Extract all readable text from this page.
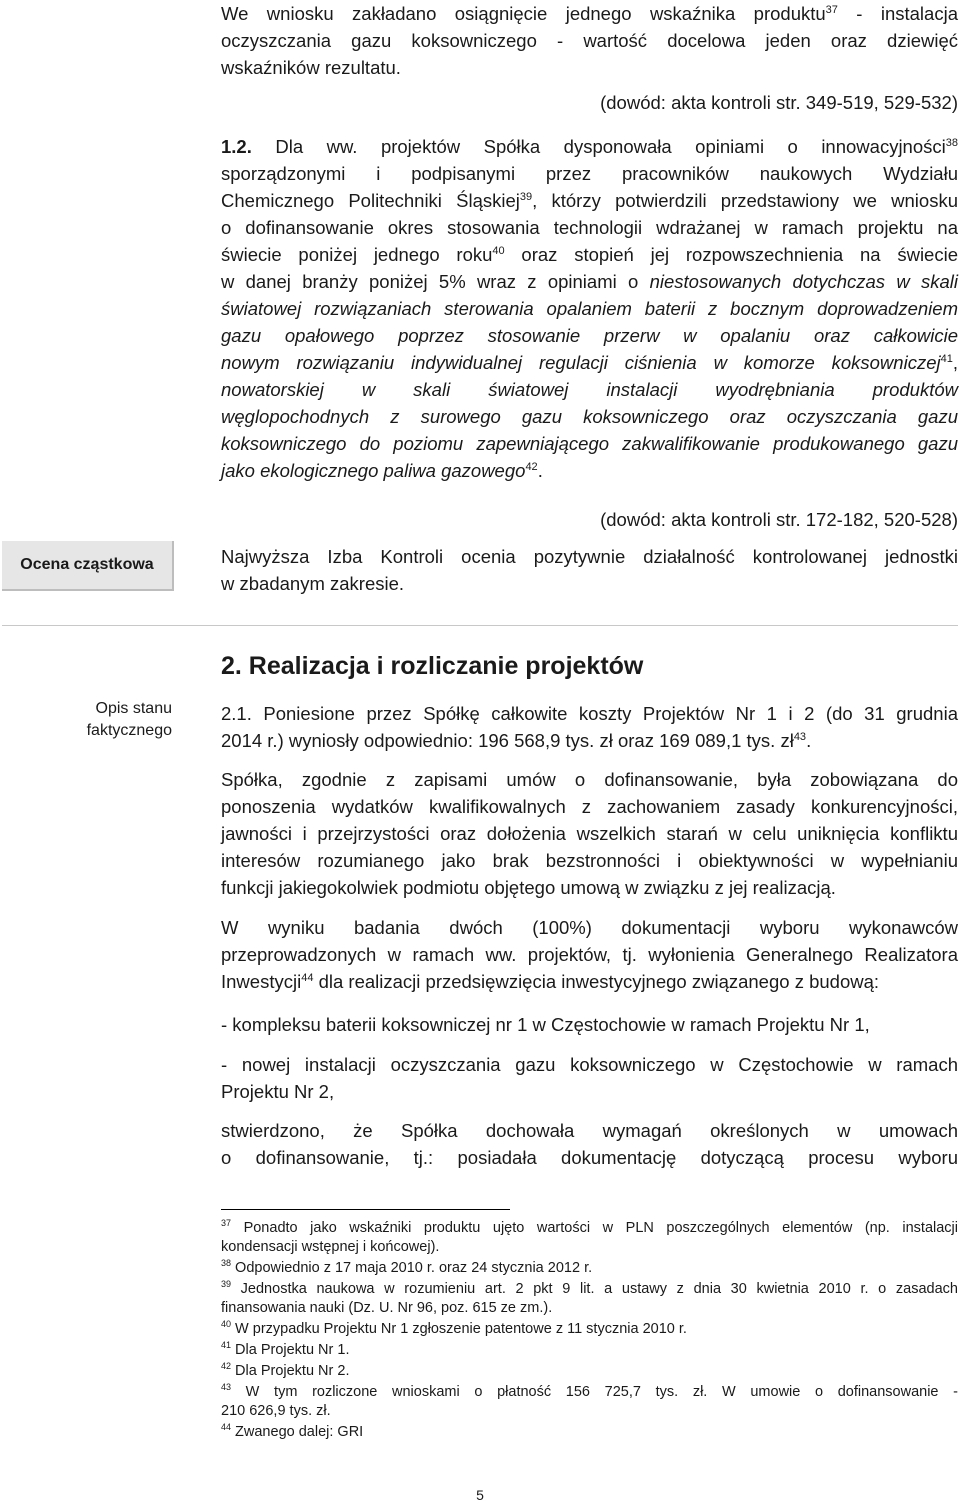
We wniosku zakładano osiągnięcie jednego wskaźnika produktu$^{37}$ - instalacja
oczyszczania gazu koksowniczego - wartość docelowa jeden oraz dziewięć
wskaźników rezultatu.
(dowód: akta kontroli str. 349-519, 529-532)
1.2. Dla ww. projektów Spółka dysponowała opiniami o innowacyjności$^{38}$
sporządzonymi i podpisanymi przez pracowników naukowych Wydziału
Chemicznego Politechniki Śląskiej$^{39}$, którzy potwierdzili przedstawiony we wniosku
o dofinansowanie okres stosowania technologii wdrażanej w ramach projektu na
świecie poniżej jednego roku$^{40}$ oraz stopień jej rozpowszechnienia na świecie
w danej branży poniżej 5% wraz z opiniami o niestosowanych dotychczas w skali
światowej rozwiązaniach sterowania opalaniem baterii z bocznym doprowadzeniem
gazu opałowego poprzez stosowanie przerw w opalaniu oraz całkowicie
nowym rozwiązaniu indywidualnej regulacji ciśnienia w komorze koksowniczej$^{41}$,
nowatorskiej w skali światowej instalacji wyodrębniania produktów
węglopochodnych z surowego gazu koksowniczego oraz oczyszczania gazu
koksowniczego do poziomu zapewniającego zakwalifikowanie produkowanego gazu
jako ekologicznego paliwa gazowego$^{42}$.
(dowód: akta kontroli str. 172-182, 520-528)
Ocena cząstkowa	Najwyższa Izba Kontroli ocenia pozytywnie działalność kontrolowanej jednostki
w zbadanym zakresie.
Opis stanu
faktycznego
2. Realizacja i rozliczanie projektów
2.1. Poniesione przez Spółkę całkowite koszty Projektów Nr 1 i 2 (do 31 grudnia
2014 r.) wyniosły odpowiednio: 196 568,9 tys. zł oraz 169 089,1 tys. $zł^{43}$.
Spółka, zgodnie z zapisami umów o dofinansowanie, była zobowiązana do
ponoszenia wydatków kwalifikowalnych z zachowaniem zasady konkurencyjności,
jawności i przejrzystości oraz dołożenia wszelkich starań w celu uniknięcia konfliktu
interesów rozumianego jako brak bezstronności i obiektywności w wypełnianiu
funkcji jakiegokolwiek podmiotu objętego umową w związku z jej realizacją.
W wyniku badania dwóch (100%) dokumentacji wyboru wykonawców
przeprowadzonych w ramach ww. projektów, tj. wyłonienia Generalnego Realizatora
Inwestycji$^{44}$ dla realizacji przedsięwzięcia inwestycyjnego związanego z budową:
- kompleksu baterii koksowniczej nr 1 w Częstochowie w ramach Projektu Nr 1,
- nowej instalacji oczyszczania gazu koksowniczego w Częstochowie w ramach
Projektu Nr 2,
stwierdzono, że Spółka dochowała wymagań określonych w umowach
o dofinansowanie, tj.: posiadała dokumentację dotyczącą procesu wyboru
$^{37}$ Ponadto jako wskaźniki produktu ujęto wartości w PLN poszczególnych elementów (np. instalacji
kondensacji wstępnej i końcowej).
$^{38}$ Odpowiednio z 17 maja 2010 r. oraz 24 stycznia 2012 r.
$^{39}$ Jednostka naukowa w rozumieniu art. 2 pkt 9 lit. a ustawy z dnia 30 kwietnia 2010 r. o zasadach
finansowania nauki (Dz. U. Nr 96, poz. 615 ze zm.).
$^{40}$ W przypadku Projektu Nr 1 zgłoszenie patentowe z 11 stycznia 2010 r.
$^{41}$ Dla Projektu Nr 1.
$^{42}$ Dla Projektu Nr 2.
$^{43}$ W tym rozliczone wnioskami o płatność 156 725,7 tys. zł. W umowie o dofinansowanie -
210 626,9 tys. zł.
$^{44}$ Zwanego dalej: GRI
5
